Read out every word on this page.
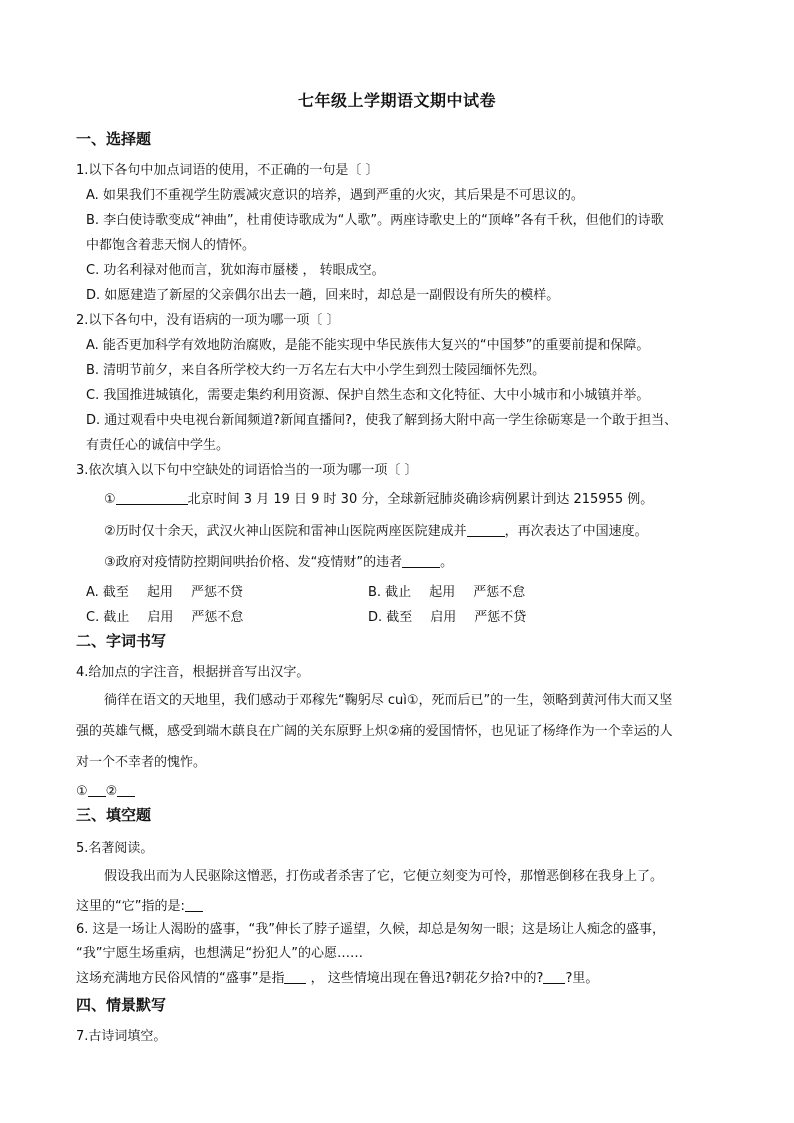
七年级上学期语文期中试卷
一、选择题
1.以下各句中加点词语的使用，不正确的一句是〔 〕
A. 如果我们不重视学生防震减灾意识的培养，遇到严重的火灾，其后果是不可思议的。
B. 李白使诗歌变成“神曲”，杜甫使诗歌成为“人歌”。两座诗歌史上的“顶峰”各有千秋，但他们的诗歌
中都饱含着悲天悯人的情怀。
C. 功名利禄对他而言，犹如海市蜃楼 ， 转眼成空。
D. 如愿建造了新屋的父亲偶尔出去一趟，回来时，却总是一副假设有所失的模样。
2.以下各句中，没有语病的一项为哪一项〔 〕
A. 能否更加科学有效地防治腐败，是能不能实现中华民族伟大复兴的“中国梦”的重要前提和保障。
B. 清明节前夕，来自各所学校大约一万名左右大中小学生到烈士陵园缅怀先烈。
C. 我国推进城镇化，需要走集约利用资源、保护自然生态和文化特征、大中小城市和小城镇并举。
D. 通过观看中央电视台新闻频道?新闻直播间?，使我了解到扬大附中高一学生徐砺寒是一个敢于担当、
有责任心的诚信中学生。
3.依次填入以下句中空缺处的词语恰当的一项为哪一项〔 〕
①	北京时间 3 月 19 日 9 时 30 分，全球新冠肺炎确诊病例累计到达 215955 例。
②历时仅十余天，武汉火神山医院和雷神山医院两座医院建成并	，再次表达了中国速度。
③政府对疫情防控期间哄抬价格、发“疫情财”的违者	。
A. 截至 起用 严惩不贷	B. 截止 起用 严惩不怠
C. 截止 启用 严惩不怠	D. 截至 启用 严惩不贷
二、字词书写
4.给加点的字注音，根据拼音写出汉字。
徜徉在语文的天地里，我们感动于邓稼先“鞠躬尽 cuì①，死而后已”的一生，领略到黄河伟大而又坚
强的英雄气概，感受到端木蕻良在广阔的关东原野上炽②痛的爱国情怀，也见证了杨绛作为一个幸运的人
对一个不幸者的愧怍。
① ②
三、填空题
5.名著阅读。
假设我出而为人民驱除这憎恶，打伤或者杀害了它，它便立刻变为可怜，那憎恶倒移在我身上了。
这里的“它”指的是:
6. 这是一场让人渴盼的盛事，“我”伸长了脖子遥望，久候，却总是匆匆一眼；这是场让人痴念的盛事，
“我”宁愿生场重病，也想满足“扮犯人”的心愿……
这场充满地方民俗风情的“盛事”是指 ， 这些情境出现在鲁迅?朝花夕拾?中的? ?里。
四、情景默写
7.古诗词填空。
